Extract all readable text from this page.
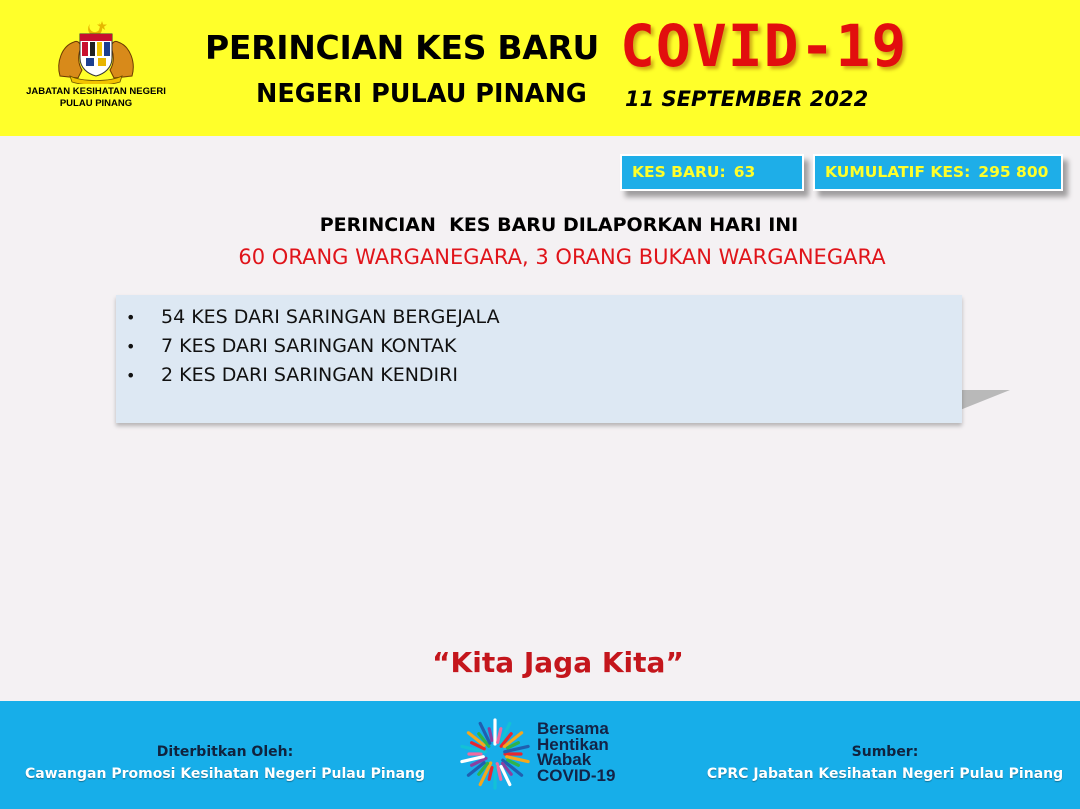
JABATAN KESIHATAN NEGERI
PULAU PINANG
PERINCIAN KES BARU
NEGERI PULAU PINANG
COVID-19
11 SEPTEMBER 2022
KES BARU: 63	KUMULATIF KES: 295 800
PERINCIAN  KES BARU DILAPORKAN HARI INI
60 ORANG WARGANEGARA, 3 ORANG BUKAN WARGANEGARA
• 54 KES DARI SARINGAN BERGEJALA
• 7 KES DARI SARINGAN KONTAK
• 2 KES DARI SARINGAN KENDIRI
“Kita Jaga Kita”
Diterbitkan Oleh:
Cawangan Promosi Kesihatan Negeri Pulau Pinang
Sumber:
CPRC Jabatan Kesihatan Negeri Pulau Pinang
Bersama
Hentikan
Wabak
COVID-19
